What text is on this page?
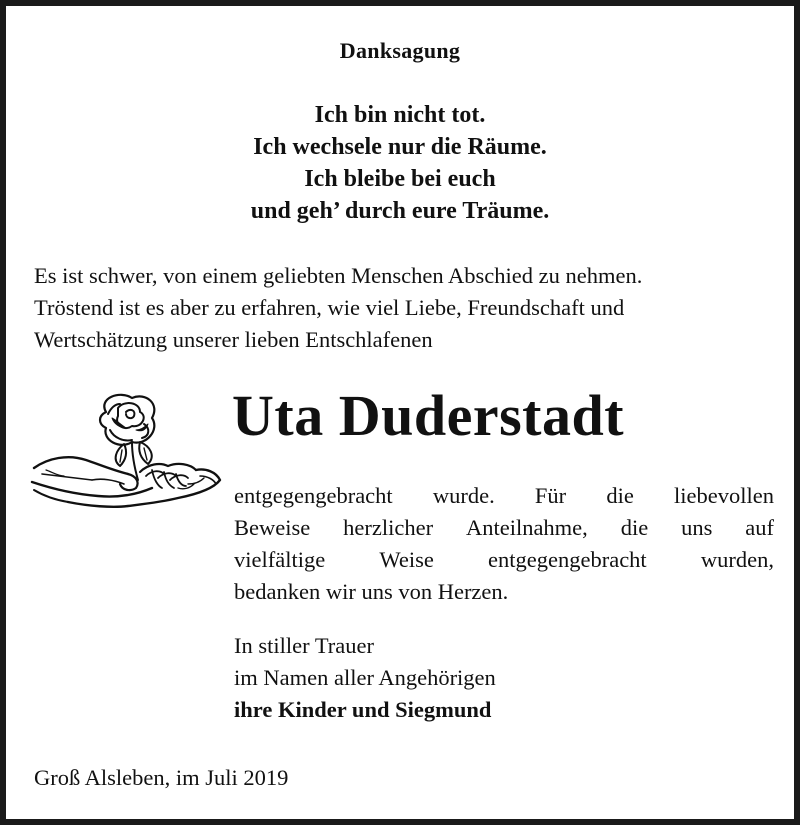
Danksagung
Ich bin nicht tot.
Ich wechsele nur die Räume.
Ich bleibe bei euch
und geh’ durch eure Träume.
Es ist schwer, von einem geliebten Menschen Abschied zu nehmen.
Tröstend ist es aber zu erfahren, wie viel Liebe, Freundschaft und
Wertschätzung unserer lieben Entschlafenen
Uta Duderstadt
entgegengebracht wurde. Für die liebevollen
Beweise herzlicher Anteilnahme, die uns auf
vielfältige Weise entgegengebracht wurden,
bedanken wir uns von Herzen.
In stiller Trauer
im Namen aller Angehörigen
ihre Kinder und Siegmund
Groß Alsleben, im Juli 2019
